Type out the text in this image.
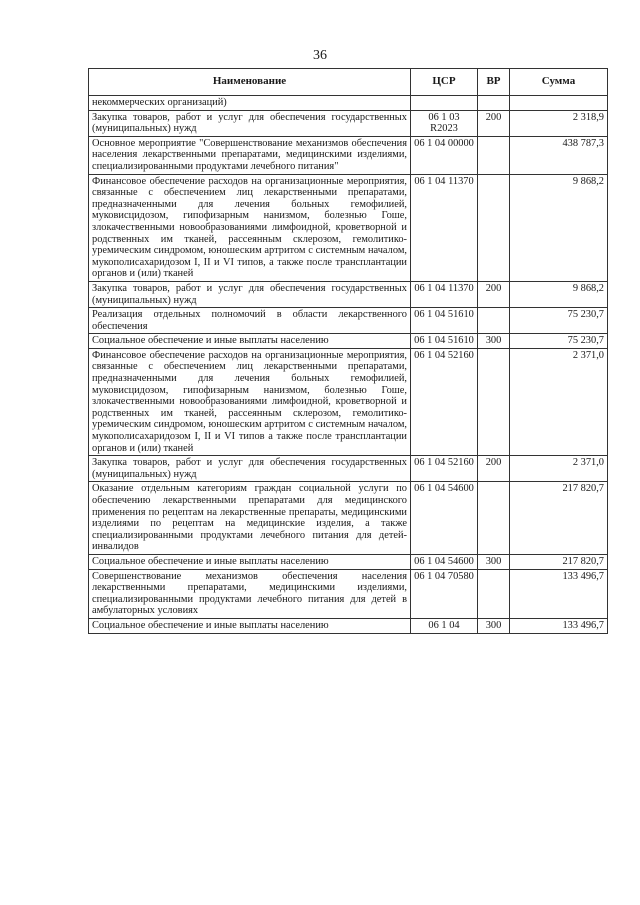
36
Наименование	ЦСР	ВР	Сумма
некоммерческих организаций)			
Закупка товаров, работ и услуг для обеспечения государственных (муниципальных) нужд	06 1 03 R2023	200	2 318,9
Основное мероприятие "Совершенствование механизмов обеспечения населения лекарственными препаратами, медицинскими изделиями, специализированными продуктами лечебного питания"	06 1 04 00000		438 787,3
Финансовое обеспечение расходов на организационные мероприятия, связанные с обеспечением лиц лекарственными препаратами, предназначенными для лечения больных гемофилией, муковисцидозом, гипофизарным нанизмом, болезнью Гоше, злокачественными новообразованиями лимфоидной, кроветворной и родственных им тканей, рассеянным склерозом, гемолитико-уремическим синдромом, юношеским артритом с системным началом, мукополисахаридозом I, II и VI типов, а также после трансплантации органов и (или) тканей	06 1 04 11370		9 868,2
Закупка товаров, работ и услуг для обеспечения государственных (муниципальных) нужд	06 1 04 11370	200	9 868,2
Реализация отдельных полномочий в области лекарственного обеспечения	06 1 04 51610		75 230,7
Социальное обеспечение и иные выплаты населению	06 1 04 51610	300	75 230,7
Финансовое обеспечение расходов на организационные мероприятия, связанные с обеспечением лиц лекарственными препаратами, предназначенными для лечения больных гемофилией, муковисцидозом, гипофизарным нанизмом, болезнью Гоше, злокачественными новообразованиями лимфоидной, кроветворной и родственных им тканей, рассеянным склерозом, гемолитико-уремическим синдромом, юношеским артритом с системным началом, мукополисахаридозом I, II и VI типов а также после трансплантации органов и (или) тканей	06 1 04 52160		2 371,0
Закупка товаров, работ и услуг для обеспечения государственных (муниципальных) нужд	06 1 04 52160	200	2 371,0
Оказание отдельным категориям граждан социальной услуги по обеспечению лекарственными препаратами для медицинского применения по рецептам на лекарственные препараты, медицинскими изделиями по рецептам на медицинские изделия, а также специализированными продуктами лечебного питания для детей-инвалидов	06 1 04 54600		217 820,7
Социальное обеспечение и иные выплаты населению	06 1 04 54600	300	217 820,7
Совершенствование механизмов обеспечения населения лекарственными препаратами, медицинскими изделиями, специализированными продуктами лечебного питания для детей в амбулаторных условиях	06 1 04 70580		133 496,7
Социальное обеспечение и иные выплаты населению	06 1 04	300	133 496,7
